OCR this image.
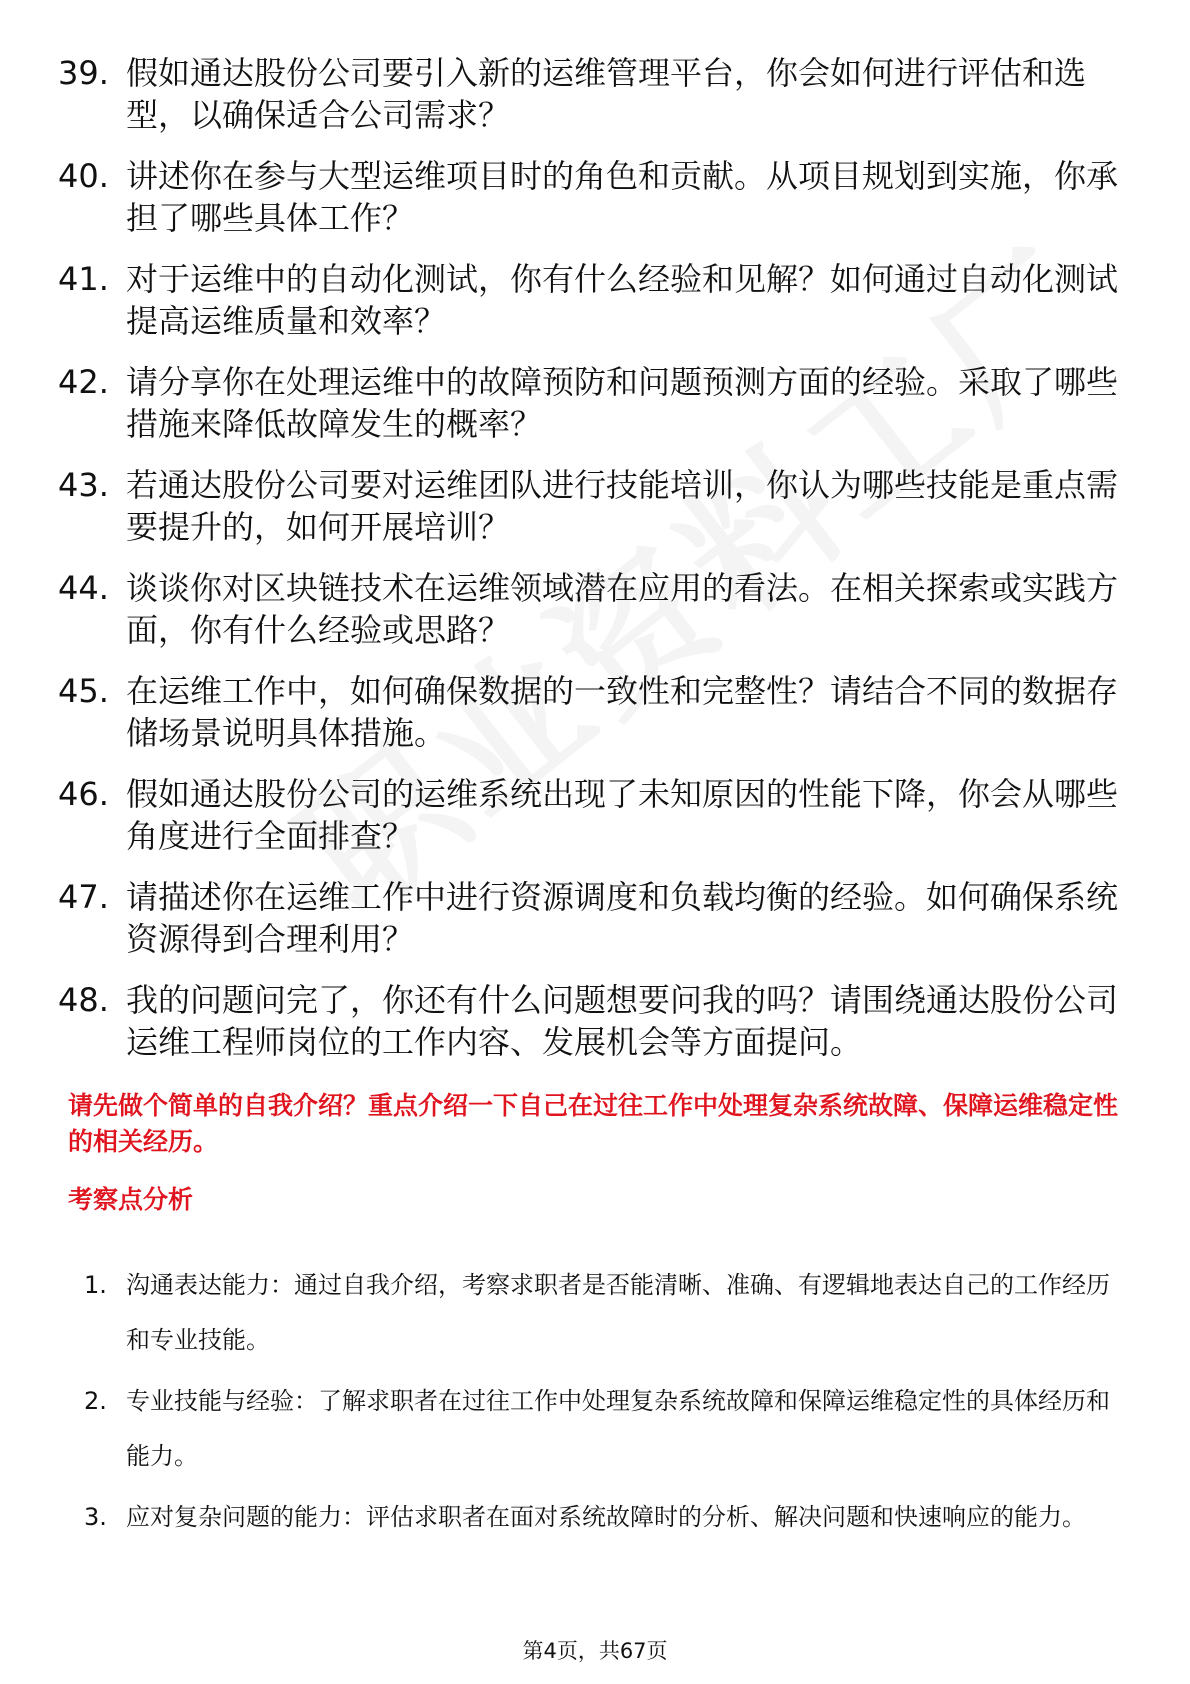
39. 假如通达股份公司要引入新的运维管理平台，你会如何进行评估和选型，以确保适合公司需求？
40. 讲述你在参与大型运维项目时的角色和贡献。从项目规划到实施，你承担了哪些具体工作？
41. 对于运维中的自动化测试，你有什么经验和见解？如何通过自动化测试提高运维质量和效率？
42. 请分享你在处理运维中的故障预防和问题预测方面的经验。采取了哪些措施来降低故障发生的概率？
43. 若通达股份公司要对运维团队进行技能培训，你认为哪些技能是重点需要提升的，如何开展培训？
44. 谈谈你对区块链技术在运维领域潜在应用的看法。在相关探索或实践方面，你有什么经验或思路？
45. 在运维工作中，如何确保数据的一致性和完整性？请结合不同的数据存储场景说明具体措施。
46. 假如通达股份公司的运维系统出现了未知原因的性能下降，你会从哪些角度进行全面排查？
47. 请描述你在运维工作中进行资源调度和负载均衡的经验。如何确保系统资源得到合理利用？
48. 我的问题问完了，你还有什么问题想要问我的吗？请围绕通达股份公司运维工程师岗位的工作内容、发展机会等方面提问。

请先做个简单的自我介绍？重点介绍一下自己在过往工作中处理复杂系统故障、保障运维稳定性的相关经历。

考察点分析
1. 沟通表达能力：通过自我介绍，考察求职者是否能清晰、准确、有逻辑地表达自己的工作经历和专业技能。
2. 专业技能与经验：了解求职者在过往工作中处理复杂系统故障和保障运维稳定性的具体经历和能力。
3. 应对复杂问题的能力：评估求职者在面对系统故障时的分析、解决问题和快速响应的能力。
第4页，共67页
